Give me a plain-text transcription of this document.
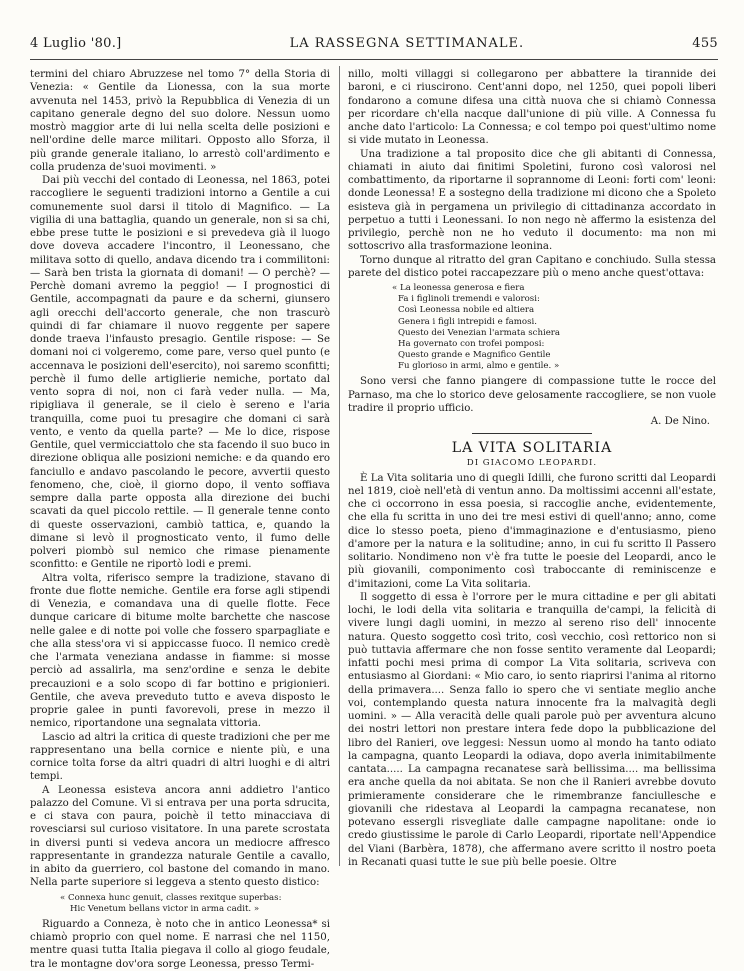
4 Luglio '80.]	LA RASSEGNA SETTIMANALE.	455

termini del chiaro Abruzzese nel tomo 7° della Storia di Venezia: « Gentile da Lionessa, con la sua morte avvenuta nel 1453, privò la Repubblica di Venezia di un capitano generale degno del suo dolore. Nessun uomo mostrò maggior arte di lui nella scelta delle posizioni e nell'ordine delle marce militari. Opposto allo Sforza, il più grande generale italiano, lo arrestò coll'ardimento e colla prudenza de'suoi movimenti. »

Dai più vecchi del contado di Leonessa, nel 1863, potei raccogliere le seguenti tradizioni intorno a Gentile a cui comunemente suol darsi il titolo di Magnifico. — La vigilia di una battaglia, quando un generale, non si sa chi, ebbe prese tutte le posizioni e si prevedeva già il luogo dove doveva accadere l'incontro, il Leonessano, che militava sotto di quello, andava dicendo tra i commilitoni: — Sarà ben trista la giornata di domani! — O perchè? — Perchè domani avremo la peggio! — I prognostici di Gentile, accompagnati da paure e da scherni, giunsero agli orecchi dell'accorto generale, che non trascurò quindi di far chiamare il nuovo reggente per sapere donde traeva l'infausto presagio. Gentile rispose: — Se domani noi ci volgeremo, come pare, verso quel punto (e accennava le posizioni dell'esercito), noi saremo sconfitti; perchè il fumo delle artiglierie nemiche, portato dal vento sopra di noi, non ci farà veder nulla. — Ma, ripigliava il generale, se il cielo è sereno e l'aria tranquilla, come puoi tu presagire che domani ci sarà vento, e vento da quella parte? — Me lo dice, rispose Gentile, quel vermicciattolo che sta facendo il suo buco in direzione obliqua alle posizioni nemiche: e da quando ero fanciullo e andavo pascolando le pecore, avvertii questo fenomeno, che, cioè, il giorno dopo, il vento soffiava sempre dalla parte opposta alla direzione dei buchi scavati da quel piccolo rettile. — Il generale tenne conto di queste osservazioni, cambiò tattica, e, quando la dimane si levò il prognosticato vento, il fumo delle polveri piombò sul nemico che rimase pienamente sconfitto: e Gentile ne riportò lodi e premi.

Altra volta, riferisco sempre la tradizione, stavano di fronte due flotte nemiche. Gentile era forse agli stipendi di Venezia, e comandava una di quelle flotte. Fece dunque caricare di bitume molte barchette che nascose nelle galee e di notte poi volle che fossero sparpagliate e che alla stess'ora vi si appiccasse fuoco. Il nemico credè che l'armata veneziana andasse in fiamme: si mosse perciò ad assalirla, ma senz'ordine e senza le debite precauzioni e a solo scopo di far bottino e prigionieri. Gentile, che aveva preveduto tutto e aveva disposto le proprie galee in punti favorevoli, prese in mezzo il nemico, riportandone una segnalata vittoria.

Lascio ad altri la critica di queste tradizioni che per me rappresentano una bella cornice e niente più, e una cornice tolta forse da altri quadri di altri luoghi e di altri tempi.

A Leonessa esisteva ancora anni addietro l'antico palazzo del Comune. Vi si entrava per una porta sdrucita, e ci stava con paura, poichè il tetto minacciava di rovesciarsi sul curioso visitatore. In una parete scrostata in diversi punti si vedeva ancora un mediocre affresco rappresentante in grandezza naturale Gentile a cavallo, in abito da guerriero, col bastone del comando in mano. Nella parte superiore si leggeva a stento questo distico:

« Connexa hunc genuit, classes rexitque superbas:
Hic Venetum bellans victor in arma cadit. »

Riguardo a Conneza, è noto che in antico Leonessa* si chiamò proprio con quel nome. E narrasi che nel 1150, mentre quasi tutta Italia piegava il collo al giogo feudale, tra le montagne dov'ora sorge Leonessa, presso Termi-

nillo, molti villaggi si collegarono per abbattere la tirannide dei baroni, e ci riuscirono. Cent'anni dopo, nel 1250, quei popoli liberi fondarono a comune difesa una città nuova che si chiamò Connessa per ricordare ch'ella nacque dall'unione di più ville. A Connessa fu anche dato l'articolo: La Connessa; e col tempo poi quest'ultimo nome si vide mutato in Leonessa.

Una tradizione a tal proposito dice che gli abitanti di Connessa, chiamati in aiuto dai finitimi Spoletini, furono così valorosi nel combattimento, da riportarne il soprannome di Leoni: forti com' leoni: donde Leonessa! E a sostegno della tradizione mi dicono che a Spoleto esisteva già in pergamena un privilegio di cittadinanza accordato in perpetuo a tutti i Leonessani. Io non nego nè affermo la esistenza del privilegio, perchè non ne ho veduto il documento: ma non mi sottoscrivo alla trasformazione leonina.

Torno dunque al ritratto del gran Capitano e conchiudo. Sulla stessa parete del distico potei raccapezzare più o meno anche quest'ottava:

« La leonessa generosa e fiera
Fa i figlinoli tremendi e valorosi:
Così Leonessa nobile ed altiera
Genera i figli intrepidi e famosi.
Questo dei Venezian l'armata schiera
Ha governato con trofei pomposi:
Questo grande e Magnifico Gentile
Fu glorioso in armi, almo e gentile. »

Sono versi che fanno piangere di compassione tutte le rocce del Parnaso, ma che lo storico deve gelosamente raccogliere, se non vuole tradire il proprio ufficio.

A. De Nino.
LA VITA SOLITARIA
DI GIACOMO LEOPARDI.

È La Vita solitaria uno di quegli Idilli, che furono scritti dal Leopardi nel 1819, cioè nell'età di ventun anno. Da moltissimi accenni all'estate, che ci occorrono in essa poesia, si raccoglie anche, evidentemente, che ella fu scritta in uno dei tre mesi estivi di quell'anno; anno, come dice lo stesso poeta, pieno d'immaginazione e d'entusiasmo, pieno d'amore per la natura e la solitudine; anno, in cui fu scritto Il Passero solitario. Nondimeno non v'è fra tutte le poesie del Leopardi, anco le più giovanili, componimento così traboccante di reminiscenze e d'imitazioni, come La Vita solitaria.

Il soggetto di essa è l'orrore per le mura cittadine e per gli abitati lochi, le lodi della vita solitaria e tranquilla de'campi, la felicità di vivere lungi dagli uomini, in mezzo al sereno riso dell' innocente natura. Questo soggetto così trito, così vecchio, così rettorico non si può tuttavia affermare che non fosse sentito veramente dal Leopardi; infatti pochi mesi prima di compor La Vita solitaria, scriveva con entusiasmo al Giordani: « Mio caro, io sento riaprirsi l'anima al ritorno della primavera.... Senza fallo io spero che vi sentiate meglio anche voi, contemplando questa natura innocente fra la malvagità degli uomini. » — Alla veracità delle quali parole può per avventura alcuno dei nostri lettori non prestare intera fede dopo la pubblicazione del libro del Ranieri, ove leggesi: Nessun uomo al mondo ha tanto odiato la campagna, quanto Leopardi la odiava, dopo averla inimitabilmente cantata..... La campagna recanatese sarà bellissima.... ma bellissima era anche quella da noi abitata. Se non che il Ranieri avrebbe dovuto primieramente considerare che le rimembranze fanciullesche e giovanili che ridestava al Leopardi la campagna recanatese, non potevano essergli risvegliate dalle campagne napolitane: onde io credo giustissime le parole di Carlo Leopardi, riportate nell'Appendice del Viani (Barbèra, 1878), che affermano avere scritto il nostro poeta in Recanati quasi tutte le sue più belle poesie. Oltre
